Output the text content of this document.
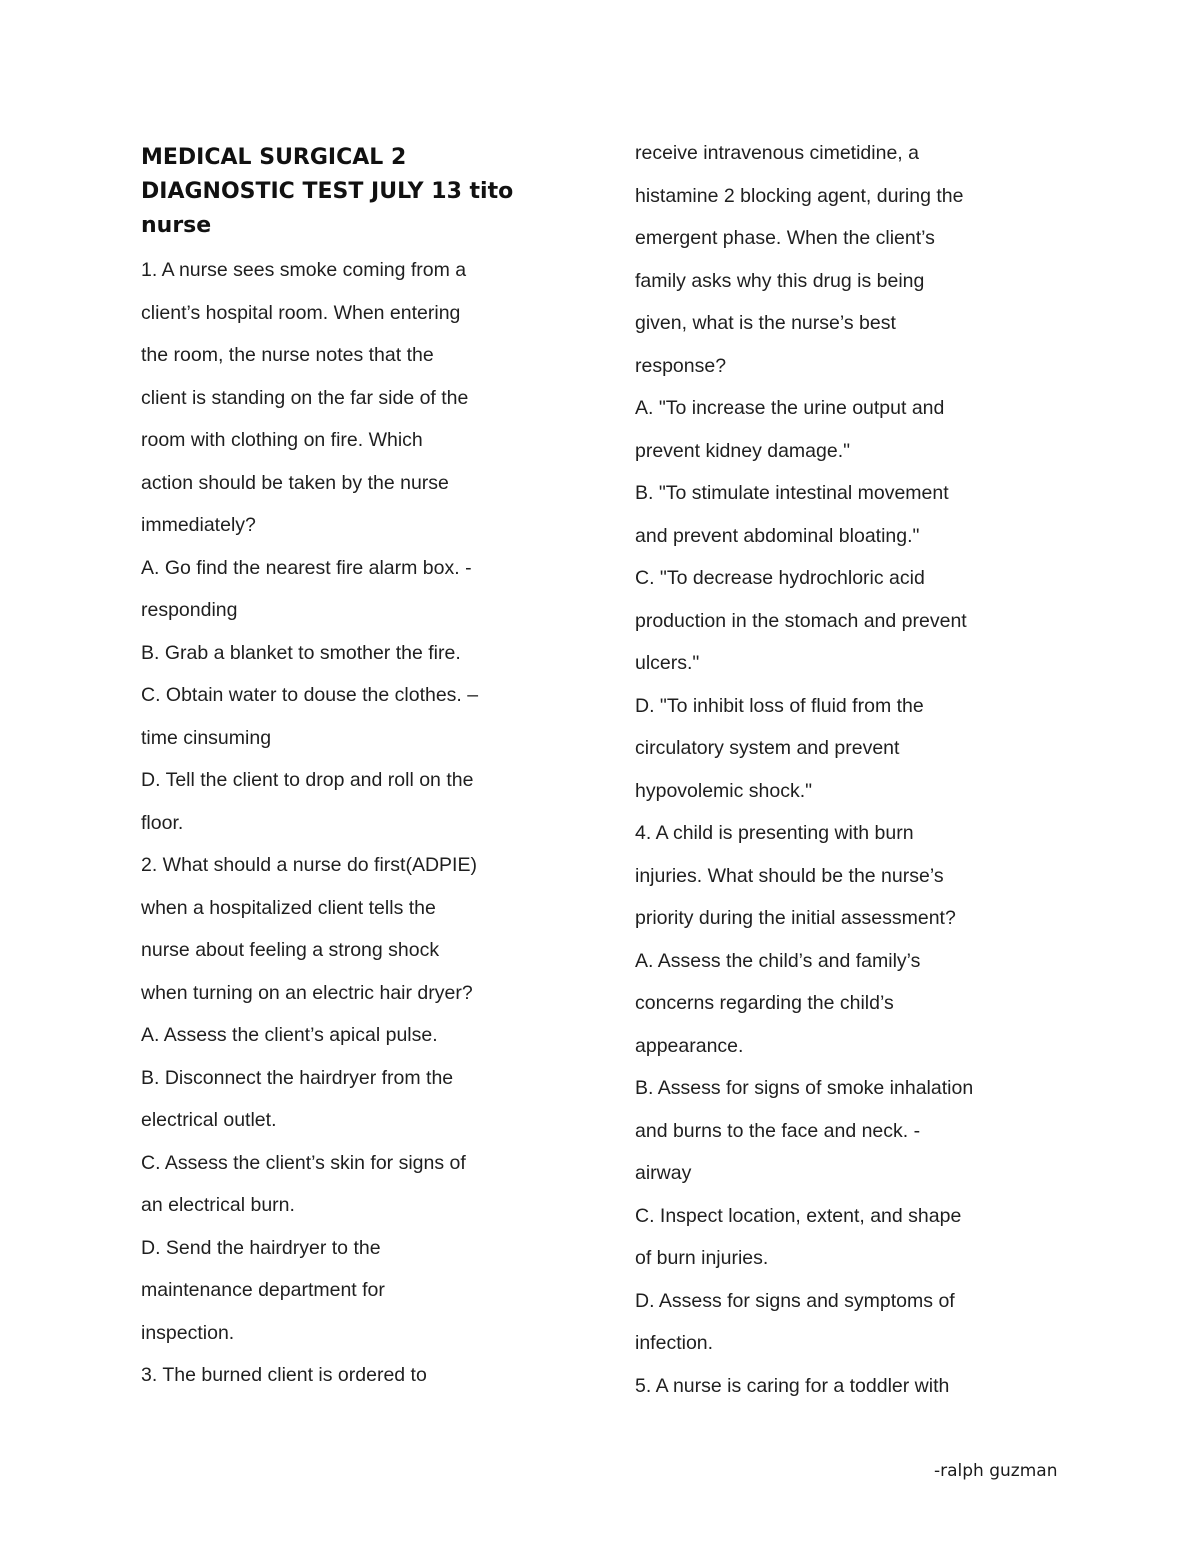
MEDICAL SURGICAL 2
DIAGNOSTIC TEST JULY 13 tito
nurse
1. A nurse sees smoke coming from a
client’s hospital room. When entering
the room, the nurse notes that the
client is standing on the far side of the
room with clothing on fire. Which
action should be taken by the nurse
immediately?
A. Go find the nearest fire alarm box. -
responding
B. Grab a blanket to smother the fire.
C. Obtain water to douse the clothes. –
time cinsuming
D. Tell the client to drop and roll on the
floor.
2. What should a nurse do first(ADPIE)
when a hospitalized client tells the
nurse about feeling a strong shock
when turning on an electric hair dryer?
A. Assess the client’s apical pulse.
B. Disconnect the hairdryer from the
electrical outlet.
C. Assess the client’s skin for signs of
an electrical burn.
D. Send the hairdryer to the
maintenance department for
inspection.
3. The burned client is ordered to
receive intravenous cimetidine, a
histamine 2 blocking agent, during the
emergent phase. When the client’s
family asks why this drug is being
given, what is the nurse’s best
response?
A. "To increase the urine output and
prevent kidney damage."
B. "To stimulate intestinal movement
and prevent abdominal bloating."
C. "To decrease hydrochloric acid
production in the stomach and prevent
ulcers."
D. "To inhibit loss of fluid from the
circulatory system and prevent
hypovolemic shock."
4. A child is presenting with burn
injuries. What should be the nurse’s
priority during the initial assessment?
A. Assess the child’s and family’s
concerns regarding the child’s
appearance.
B. Assess for signs of smoke inhalation
and burns to the face and neck. -
airway
C. Inspect location, extent, and shape
of burn injuries.
D. Assess for signs and symptoms of
infection.
5. A nurse is caring for a toddler with
-ralph guzman
